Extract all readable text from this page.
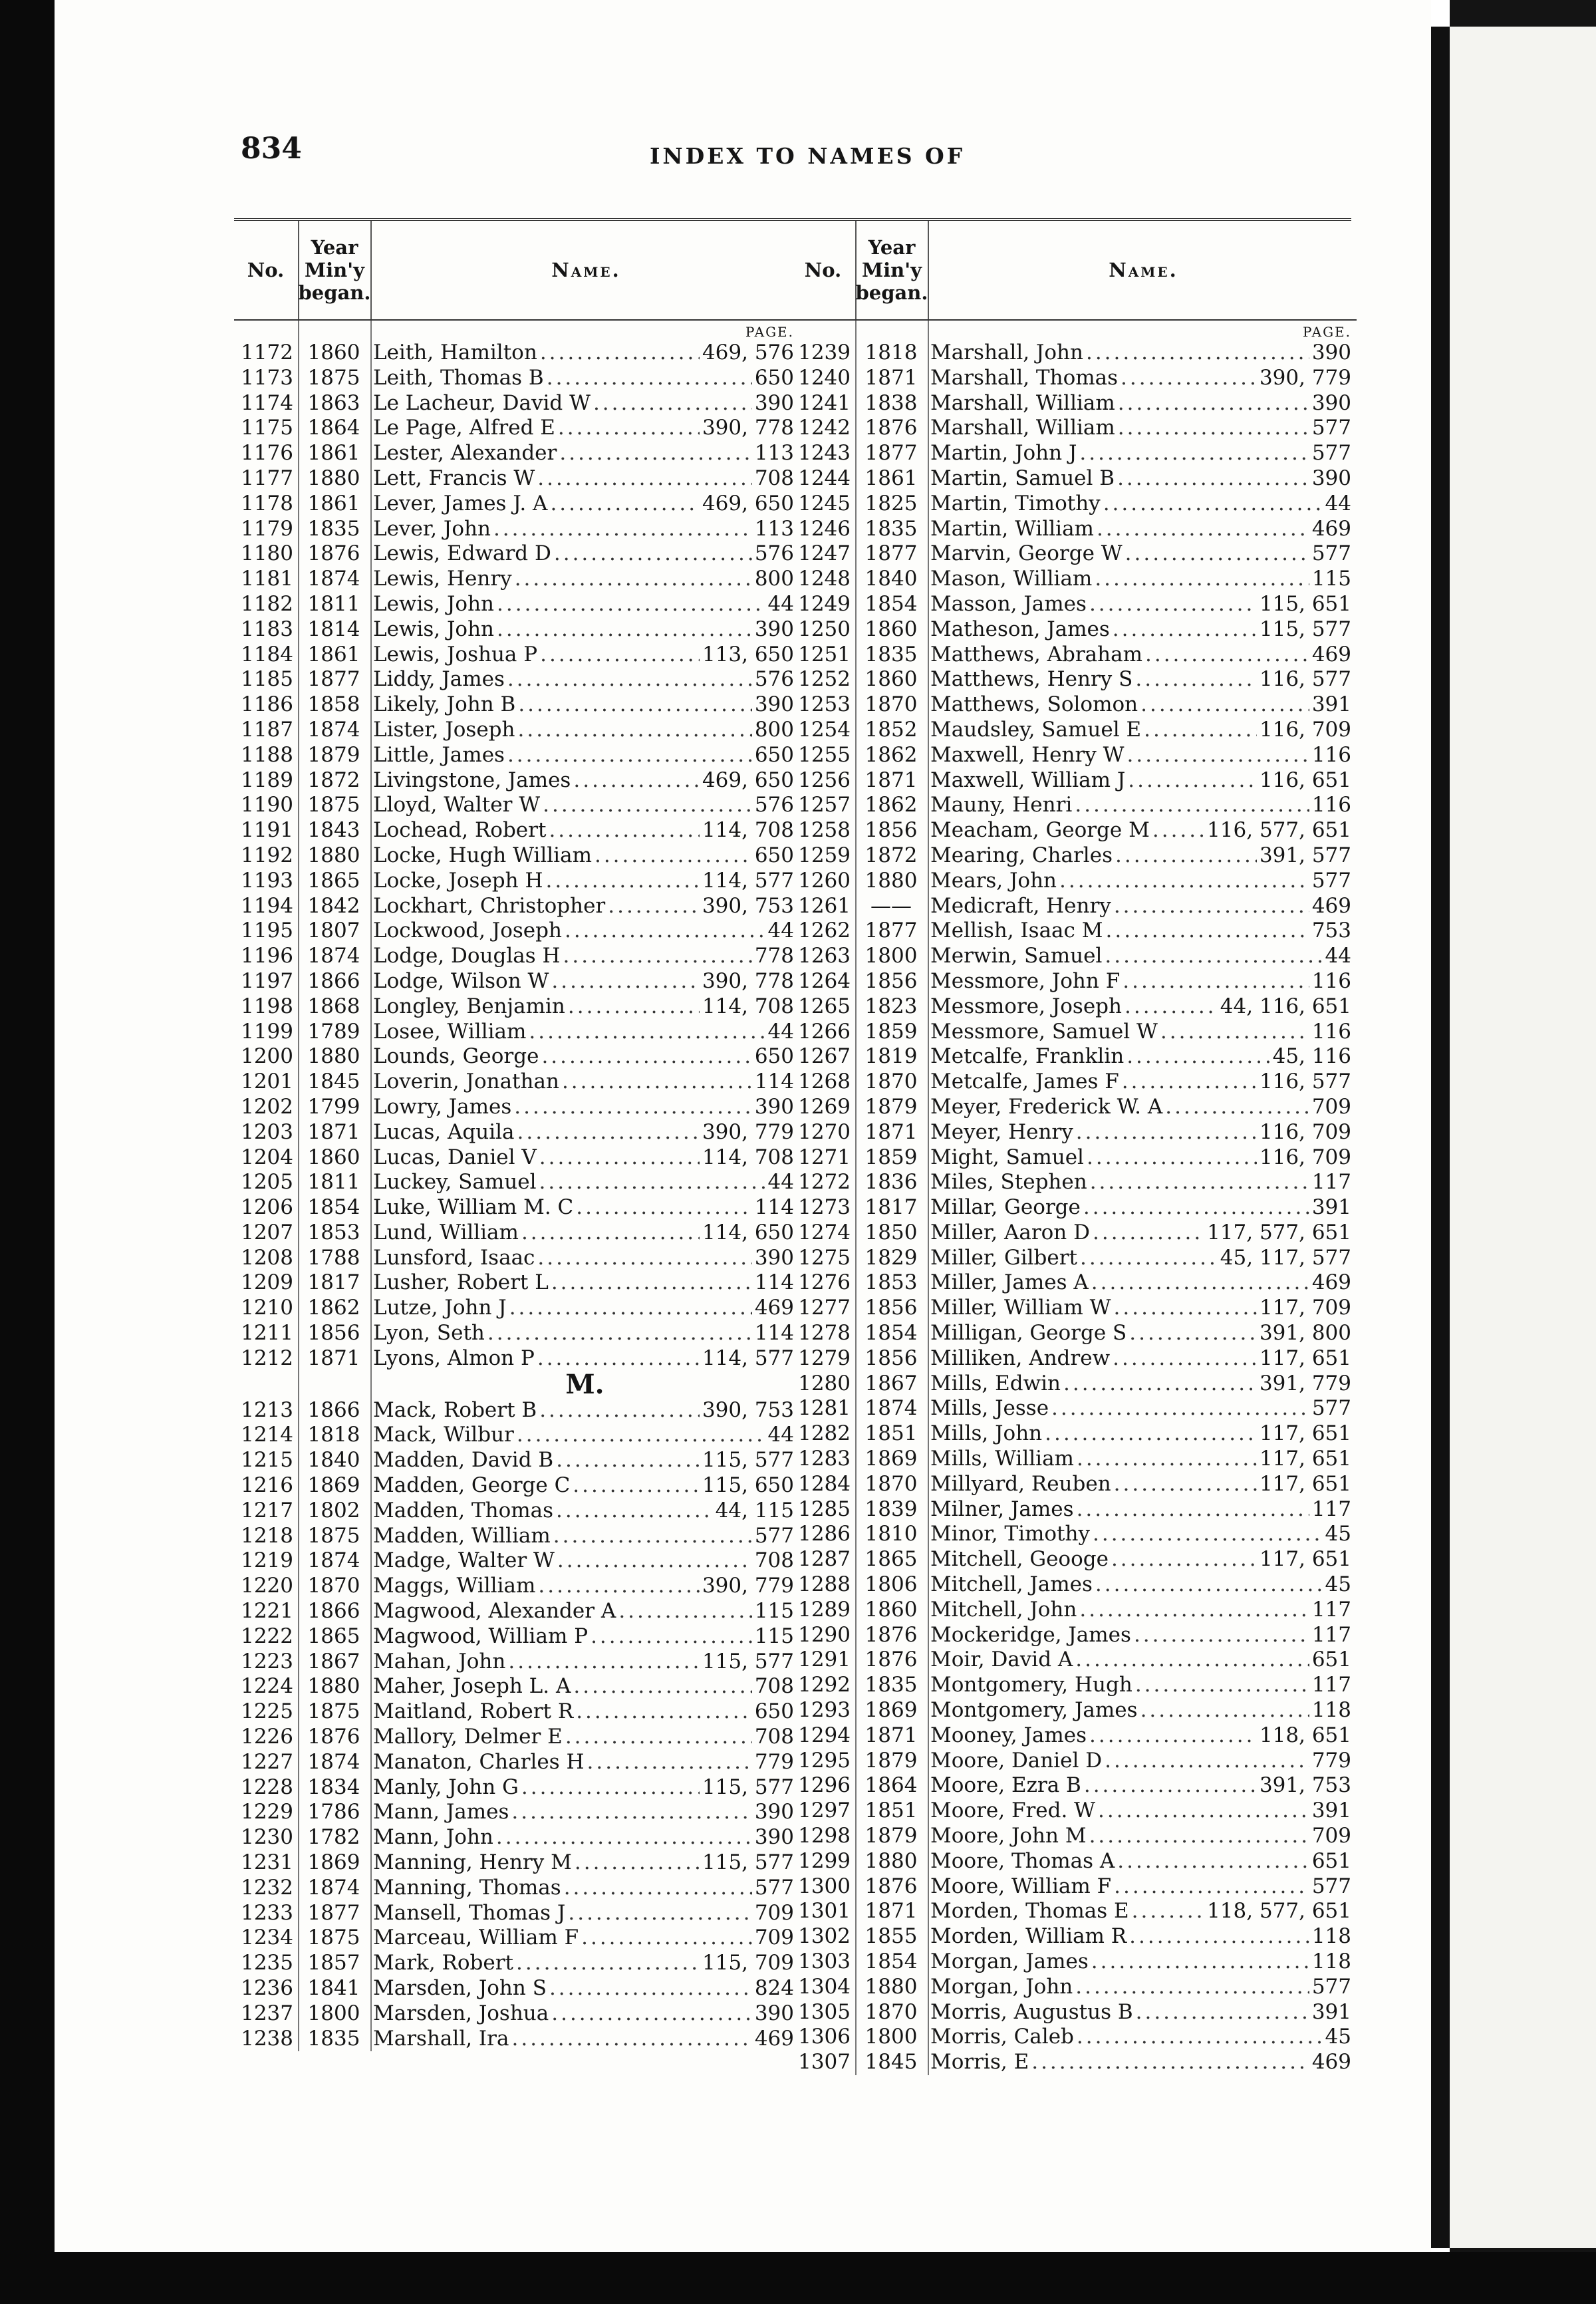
834	INDEX TO NAMES OF
No.
Year Min'y began.
Name.
PAGE.
1172 1860 Leith, Hamilton .....	469, 576
1173 1875 Leith, Thomas B .....	650
1174 1863 Le Lacheur, David W .....	390
1175 1864 Le Page, Alfred E .....	390, 778
1176 1861 Lester, Alexander .....	113
1177 1880 Lett, Francis W .....	708
1178 1861 Lever, James J. A .....	469, 650
1179 1835 Lever, John .....	113
1180 1876 Lewis, Edward D .....	576
1181 1874 Lewis, Henry .....	800
1182 1811 Lewis, John .....	44
1183 1814 Lewis, John .....	390
1184 1861 Lewis, Joshua P .....	113, 650
1185 1877 Liddy, James .....	576
1186 1858 Likely, John B .....	390
1187 1874 Lister, Joseph .....	800
1188 1879 Little, James .....	650
1189 1872 Livingstone, James .....	469, 650
1190 1875 Lloyd, Walter W .....	576
1191 1843 Lochead, Robert .....	114, 708
1192 1880 Locke, Hugh William .....	650
1193 1865 Locke, Joseph H .....	114, 577
1194 1842 Lockhart, Christopher .....	390, 753
1195 1807 Lockwood, Joseph .....	44
1196 1874 Lodge, Douglas H .....	778
1197 1866 Lodge, Wilson W .....	390, 778
1198 1868 Longley, Benjamin .....	114, 708
1199 1789 Losee, William .....	44
1200 1880 Lounds, George .....	650
1201 1845 Loverin, Jonathan .....	114
1202 1799 Lowry, James .....	390
1203 1871 Lucas, Aquila .....	390, 779
1204 1860 Lucas, Daniel V .....	114, 708
1205 1811 Luckey, Samuel .....	44
1206 1854 Luke, William M. C .....	114
1207 1853 Lund, William .....	114, 650
1208 1788 Lunsford, Isaac .....	390
1209 1817 Lusher, Robert L .....	114
1210 1862 Lutze, John J .....	469
1211 1856 Lyon, Seth .....	114
1212 1871 Lyons, Almon P .....	114, 577
M.
1213 1866 Mack, Robert B .....	390, 753
1214 1818 Mack, Wilbur .....	44
1215 1840 Madden, David B .....	115, 577
1216 1869 Madden, George C .....	115, 650
1217 1802 Madden, Thomas .....	44, 115
1218 1875 Madden, William .....	577
1219 1874 Madge, Walter W .....	708
1220 1870 Maggs, William .....	390, 779
1221 1866 Magwood, Alexander A .....	115
1222 1865 Magwood, William P .....	115
1223 1867 Mahan, John .....	115, 577
1224 1880 Maher, Joseph L. A .....	708
1225 1875 Maitland, Robert R .....	650
1226 1876 Mallory, Delmer E .....	708
1227 1874 Manaton, Charles H .....	779
1228 1834 Manly, John G .....	115, 577
1229 1786 Mann, James .....	390
1230 1782 Mann, John .....	390
1231 1869 Manning, Henry M .....	115, 577
1232 1874 Manning, Thomas .....	577
1233 1877 Mansell, Thomas J .....	709
1234 1875 Marceau, William F .....	709
1235 1857 Mark, Robert .....	115, 709
1236 1841 Marsden, John S .....	824
1237 1800 Marsden, Joshua .....	390
1238 1835 Marshall, Ira .....	469
No.
Year Min'y began.
Name.
PAGE.
1239 1818 Marshall, John .....	390
1240 1871 Marshall, Thomas .....	390, 779
1241 1838 Marshall, William .....	390
1242 1876 Marshall, William .....	577
1243 1877 Martin, John J .....	577
1244 1861 Martin, Samuel B .....	390
1245 1825 Martin, Timothy .....	44
1246 1835 Martin, William .....	469
1247 1877 Marvin, George W .....	577
1248 1840 Mason, William .....	115
1249 1854 Masson, James .....	115, 651
1250 1860 Matheson, James .....	115, 577
1251 1835 Matthews, Abraham .....	469
1252 1860 Matthews, Henry S .....	116, 577
1253 1870 Matthews, Solomon .....	391
1254 1852 Maudsley, Samuel E .....	116, 709
1255 1862 Maxwell, Henry W .....	116
1256 1871 Maxwell, William J .....	116, 651
1257 1862 Mauny, Henri .....	116
1258 1856 Meacham, George M .....	116, 577, 651
1259 1872 Mearing, Charles .....	391, 577
1260 1880 Mears, John .....	577
1261 —— Medicraft, Henry .....	469
1262 1877 Mellish, Isaac M .....	753
1263 1800 Merwin, Samuel .....	44
1264 1856 Messmore, John F .....	116
1265 1823 Messmore, Joseph .....	44, 116, 651
1266 1859 Messmore, Samuel W .....	116
1267 1819 Metcalfe, Franklin .....	45, 116
1268 1870 Metcalfe, James F .....	116, 577
1269 1879 Meyer, Frederick W. A .....	709
1270 1871 Meyer, Henry .....	116, 709
1271 1859 Might, Samuel .....	116, 709
1272 1836 Miles, Stephen .....	117
1273 1817 Millar, George .....	391
1274 1850 Miller, Aaron D .....	117, 577, 651
1275 1829 Miller, Gilbert .....	45, 117, 577
1276 1853 Miller, James A .....	469
1277 1856 Miller, William W .....	117, 709
1278 1854 Milligan, George S .....	391, 800
1279 1856 Milliken, Andrew .....	117, 651
1280 1867 Mills, Edwin .....	391, 779
1281 1874 Mills, Jesse .....	577
1282 1851 Mills, John .....	117, 651
1283 1869 Mills, William .....	117, 651
1284 1870 Millyard, Reuben .....	117, 651
1285 1839 Milner, James .....	117
1286 1810 Minor, Timothy .....	45
1287 1865 Mitchell, Geooge .....	117, 651
1288 1806 Mitchell, James .....	45
1289 1860 Mitchell, John .....	117
1290 1876 Mockeridge, James .....	117
1291 1876 Moir, David A .....	651
1292 1835 Montgomery, Hugh .....	117
1293 1869 Montgomery, James .....	118
1294 1871 Mooney, James .....	118, 651
1295 1879 Moore, Daniel D .....	779
1296 1864 Moore, Ezra B .....	391, 753
1297 1851 Moore, Fred. W .....	391
1298 1879 Moore, John M .....	709
1299 1880 Moore, Thomas A .....	651
1300 1876 Moore, William F .....	577
1301 1871 Morden, Thomas E .....	118, 577, 651
1302 1855 Morden, William R .....	118
1303 1854 Morgan, James .....	118
1304 1880 Morgan, John .....	577
1305 1870 Morris, Augustus B .....	391
1306 1800 Morris, Caleb .....	45
1307 1845 Morris, E .....	469
